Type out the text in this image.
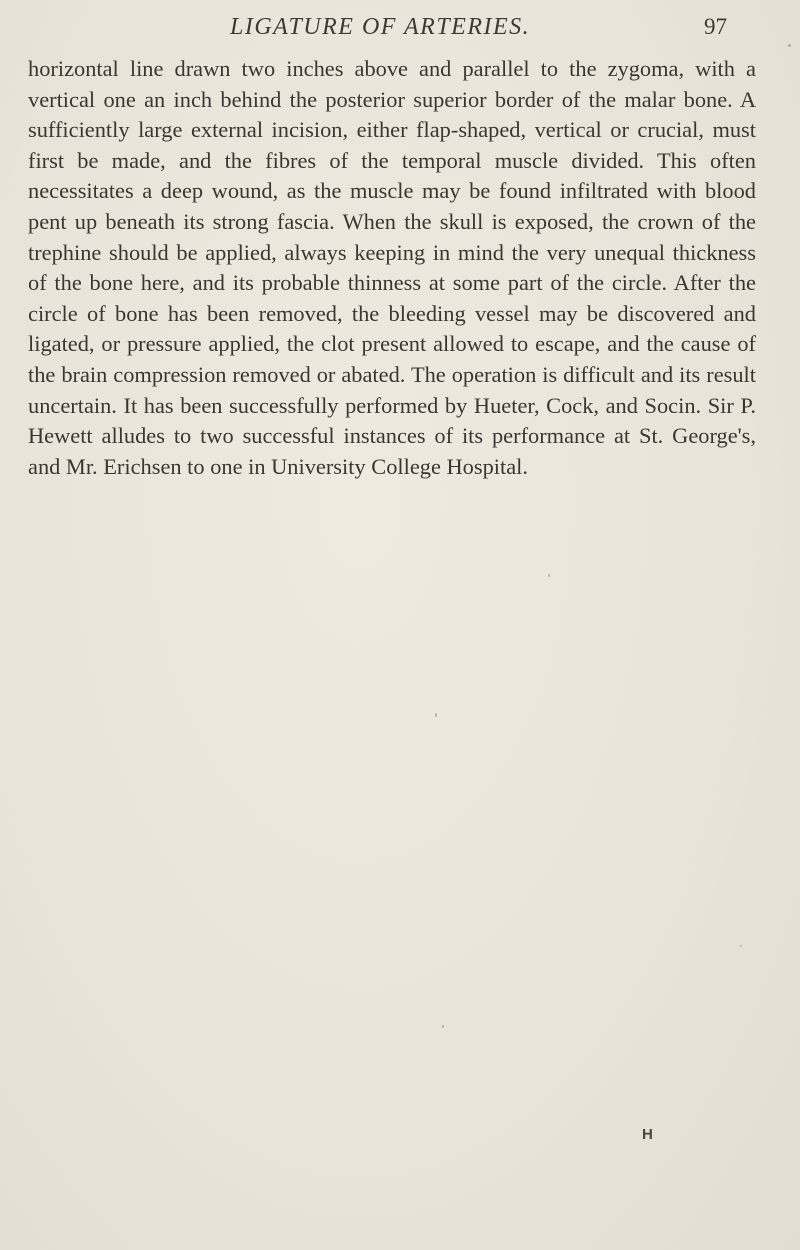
LIGATURE OF ARTERIES.	97

horizontal line drawn two inches above and parallel to the zygoma, with a vertical one an inch behind the posterior superior border of the malar bone. A sufficiently large external incision, either flap-shaped, vertical or crucial, must first be made, and the fibres of the temporal muscle divided. This often necessitates a deep wound, as the muscle may be found infiltrated with blood pent up beneath its strong fascia. When the skull is exposed, the crown of the trephine should be applied, always keeping in mind the very unequal thickness of the bone here, and its probable thinness at some part of the circle. After the circle of bone has been removed, the bleeding vessel may be discovered and ligated, or pressure applied, the clot present allowed to escape, and the cause of the brain compression removed or abated. The operation is difficult and its result uncertain. It has been successfully performed by Hueter, Cock, and Socin. Sir P. Hewett alludes to two successful instances of its performance at St. George's, and Mr. Erichsen to one in University College Hospital.

H
